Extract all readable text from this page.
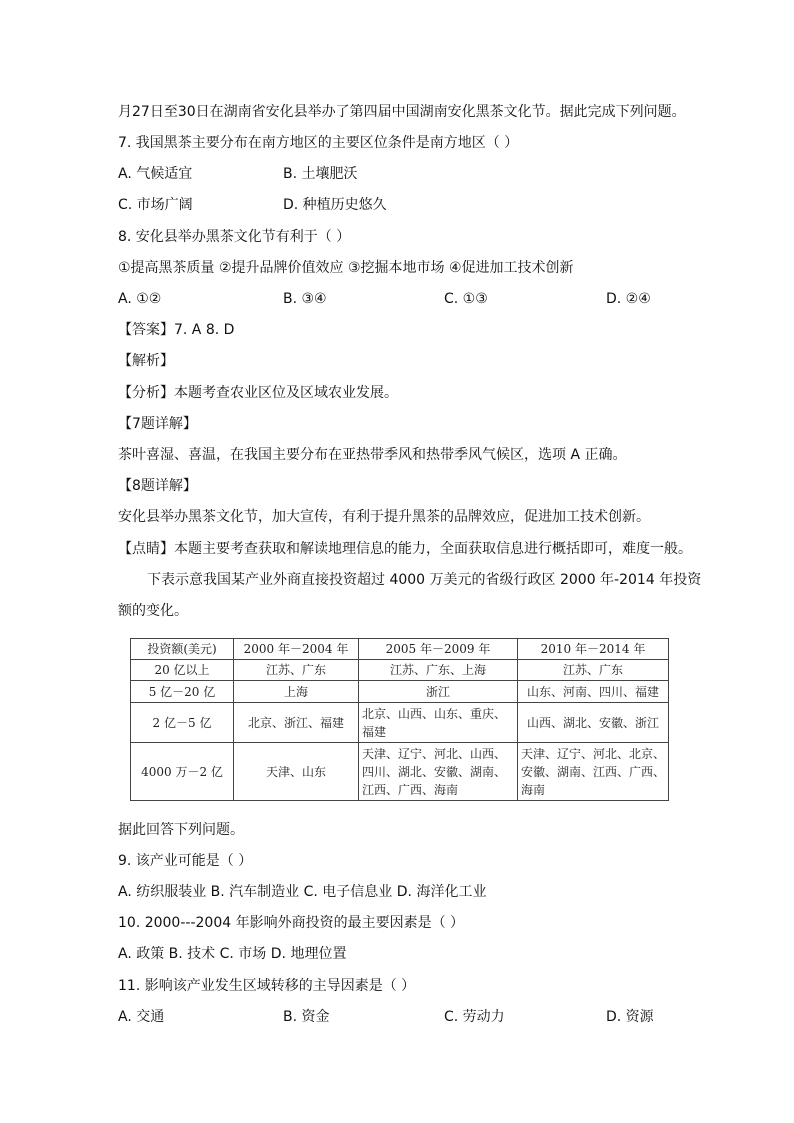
月27日至30日在湖南省安化县举办了第四届中国湖南安化黑茶文化节。据此完成下列问题。
7. 我国黑茶主要分布在南方地区的主要区位条件是南方地区（ ）
A. 气候适宜	B. 土壤肥沃
C. 市场广阔	D. 种植历史悠久
8. 安化县举办黑茶文化节有利于（ ）
①提高黑茶质量 ②提升品牌价值效应 ③挖掘本地市场 ④促进加工技术创新
A. ①②	B. ③④	C. ①③	D. ②④
【答案】7. A 8. D
【解析】
【分析】本题考查农业区位及区域农业发展。
【7题详解】
茶叶喜湿、喜温，在我国主要分布在亚热带季风和热带季风气候区，选项 A 正确。
【8题详解】
安化县举办黑茶文化节，加大宣传，有利于提升黑茶的品牌效应，促进加工技术创新。
【点睛】本题主要考查获取和解读地理信息的能力，全面获取信息进行概括即可，难度一般。
下表示意我国某产业外商直接投资超过 4000 万美元的省级行政区 2000 年-2014 年投资
额的变化。
投资额(美元)	2000 年－2004 年	2005 年－2009 年	2010 年－2014 年
20 亿以上	江苏、广东	江苏、广东、上海	江苏、广东
5 亿－20 亿	上海	浙江	山东、河南、四川、福建
2 亿－5 亿	北京、浙江、福建	北京、山西、山东、重庆、福建	山西、湖北、安徽、浙江
4000 万－2 亿	天津、山东	天津、辽宁、河北、山西、四川、湖北、安徽、湖南、江西、广西、海南	天津、辽宁、河北、北京、安徽、湖南、江西、广西、海南
据此回答下列问题。
9. 该产业可能是（ ）
A. 纺织服装业 B. 汽车制造业 C. 电子信息业 D. 海洋化工业
10. 2000---2004 年影响外商投资的最主要因素是（ ）
A. 政策 B. 技术 C. 市场 D. 地理位置
11. 影响该产业发生区域转移的主导因素是（ ）
A. 交通	B. 资金	C. 劳动力	D. 资源
